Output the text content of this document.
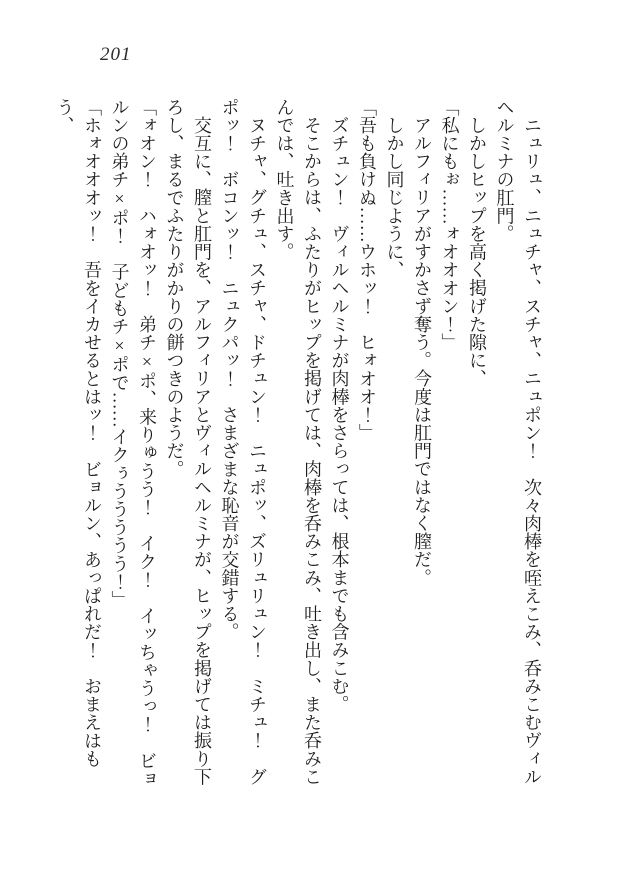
201

ニュリュ、ニュチャ、スチャ、ニュポン！　次々肉棒を咥えこみ、呑みこむヴィルヘルミナの肛門。

しかしヒップを高く掲げた隙に、

「私にもぉ……ォオオオン！」

アルフィリアがすかさず奪う。今度は肛門ではなく膣だ。

しかし同じように、

「吾も負けぬ……ウホッ！　ヒォオオ！」

ズチュン！　ヴィルヘルミナが肉棒をさらっては、根本までも含みこむ。

そこからは、ふたりがヒップを掲げては、肉棒を呑みこみ、吐き出し、また呑みこんでは、吐き出す。

ヌチャ、グチュ、スチャ、ドチュン！　ニュポッ、ズリュリュン！　ミチュ！　グポッ！　ボコンッ！　ニュクパッ！　さまざまな恥音が交錯する。

交互に、膣と肛門を、アルフィリアとヴィルヘルミナが、ヒップを掲げては振り下ろし、まるでふたりがかりの餅つきのようだ。

「ォオン！　ハォオッ！　弟チ×ポ、来りゅうう！　イク！　イッちゃうっ！　ビョルンの弟チ×ポ！　子どもチ×ポで……イクぅううううう！」

「ホォオオオッ！　吾をイカせるとはッ！　ビョルン、あっぱれだ！　おまえはもう、
